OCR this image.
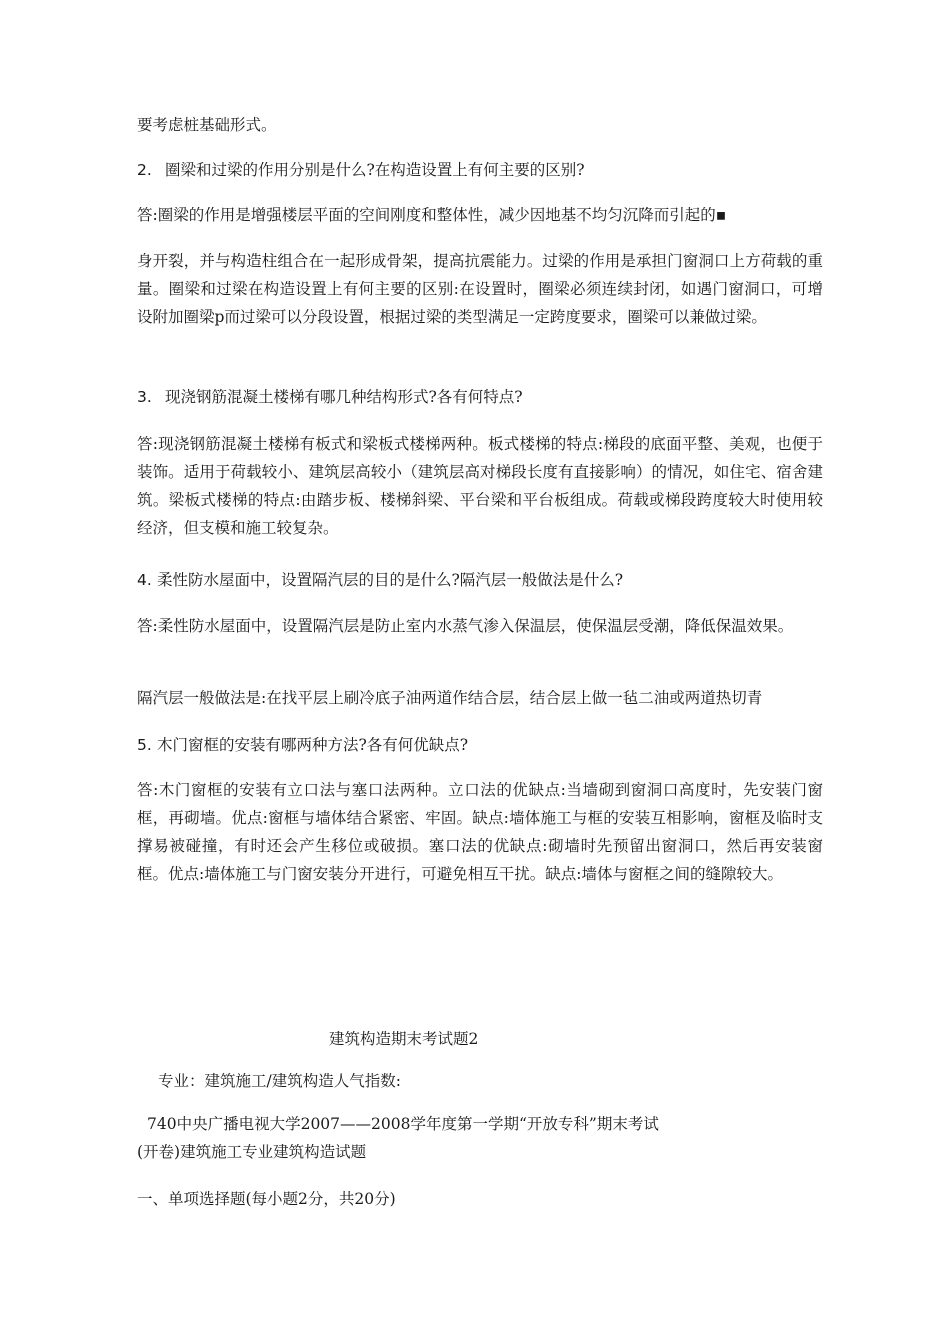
要考虑桩基础形式。
2. 圈梁和过梁的作用分别是什么?在构造设置上有何主要的区别?
答:圈梁的作用是增强楼层平面的空间刚度和整体性，减少因地基不均匀沉降而引起的▪
身开裂，并与构造柱组合在一起形成骨架，提高抗震能力。过梁的作用是承担门窗洞口上方荷载的重量。圈梁和过梁在构造设置上有何主要的区别:在设置时，圈梁必须连续封闭，如遇门窗洞口，可增设附加圈梁p而过梁可以分段设置，根据过梁的类型满足一定跨度要求，圈梁可以兼做过梁。
3. 现浇钢筋混凝土楼梯有哪几种结构形式?各有何特点?
答:现浇钢筋混凝土楼梯有板式和梁板式楼梯两种。板式楼梯的特点:梯段的底面平整、美观，也便于装饰。适用于荷载较小、建筑层高较小（建筑层高对梯段长度有直接影响）的情况，如住宅、宿舍建筑。梁板式楼梯的特点:由踏步板、楼梯斜梁、平台梁和平台板组成。荷载或梯段跨度较大时使用较经济，但支模和施工较复杂。
4. 柔性防水屋面中，设置隔汽层的目的是什么?隔汽层一般做法是什么?
答:柔性防水屋面中，设置隔汽层是防止室内水蒸气渗入保温层，使保温层受潮，降低保温效果。
隔汽层一般做法是:在找平层上刷冷底子油两道作结合层，结合层上做一毡二油或两道热切青
5. 木门窗框的安装有哪两种方法?各有何优缺点?
答:木门窗框的安装有立口法与塞口法两种。立口法的优缺点:当墙砌到窗洞口高度时，先安装门窗框，再砌墙。优点:窗框与墙体结合紧密、牢固。缺点:墙体施工与框的安装互相影响，窗框及临时支撑易被碰撞，有时还会产生移位或破损。塞口法的优缺点:砌墙时先预留出窗洞口，然后再安装窗框。优点:墙体施工与门窗安装分开进行，可避免相互干扰。缺点:墙体与窗框之间的缝隙较大。
建筑构造期末考试题2
专业：建筑施工/建筑构造人气指数:
740中央广播电视大学2007——2008学年度第一学期“开放专科”期末考试
(开卷)建筑施工专业建筑构造试题
一、单项选择题(每小题2分，共20分)
